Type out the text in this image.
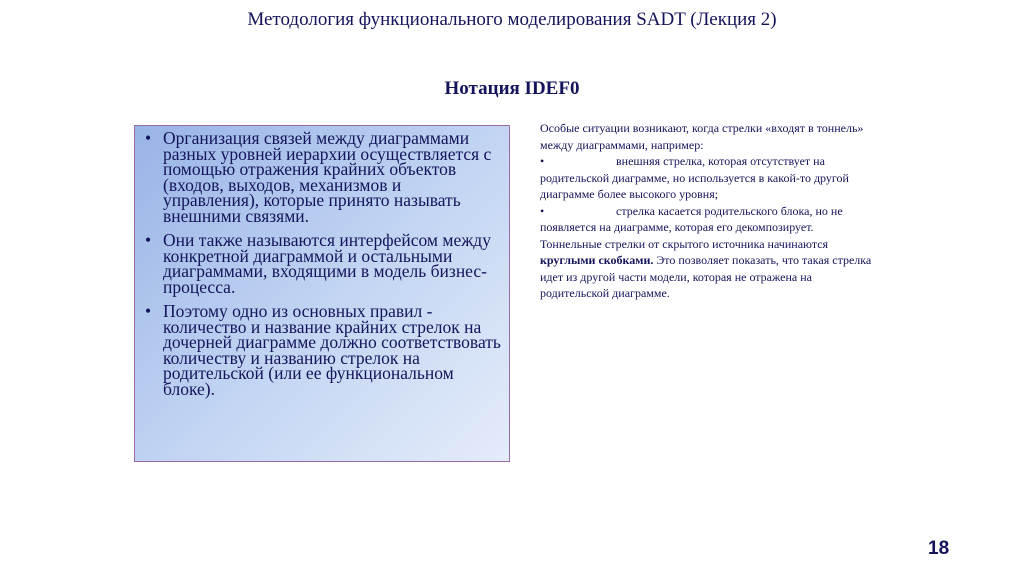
Методология функционального моделирования SADT (Лекция 2)
Нотация IDEF0
• Организация связей между диаграммами разных уровней иерархии осуществляется с помощью отражения крайних объектов (входов, выходов, механизмов и управления), которые принято называть внешними связями.
• Они также называются интерфейсом между конкретной диаграммой и остальными диаграммами, входящими в модель бизнес-процесса.
• Поэтому одно из основных правил - количество и название крайних стрелок на дочерней диаграмме должно соответствовать количеству и названию стрелок на родительской (или ее функциональном блоке).

Особые ситуации возникают, когда стрелки «входят в тоннель» между диаграммами, например:

•	внешняя стрелка, которая отсутствует на родительской диаграмме, но используется в какой-то другой диаграмме более высокого уровня;

•	стрелка касается родительского блока, но не появляется на диаграмме, которая его декомпозирует.

Тоннельные стрелки от скрытого источника начинаются круглыми скобками. Это позволяет показать, что такая стрелка идет из другой части модели, которая не отражена на родительской диаграмме.

18
